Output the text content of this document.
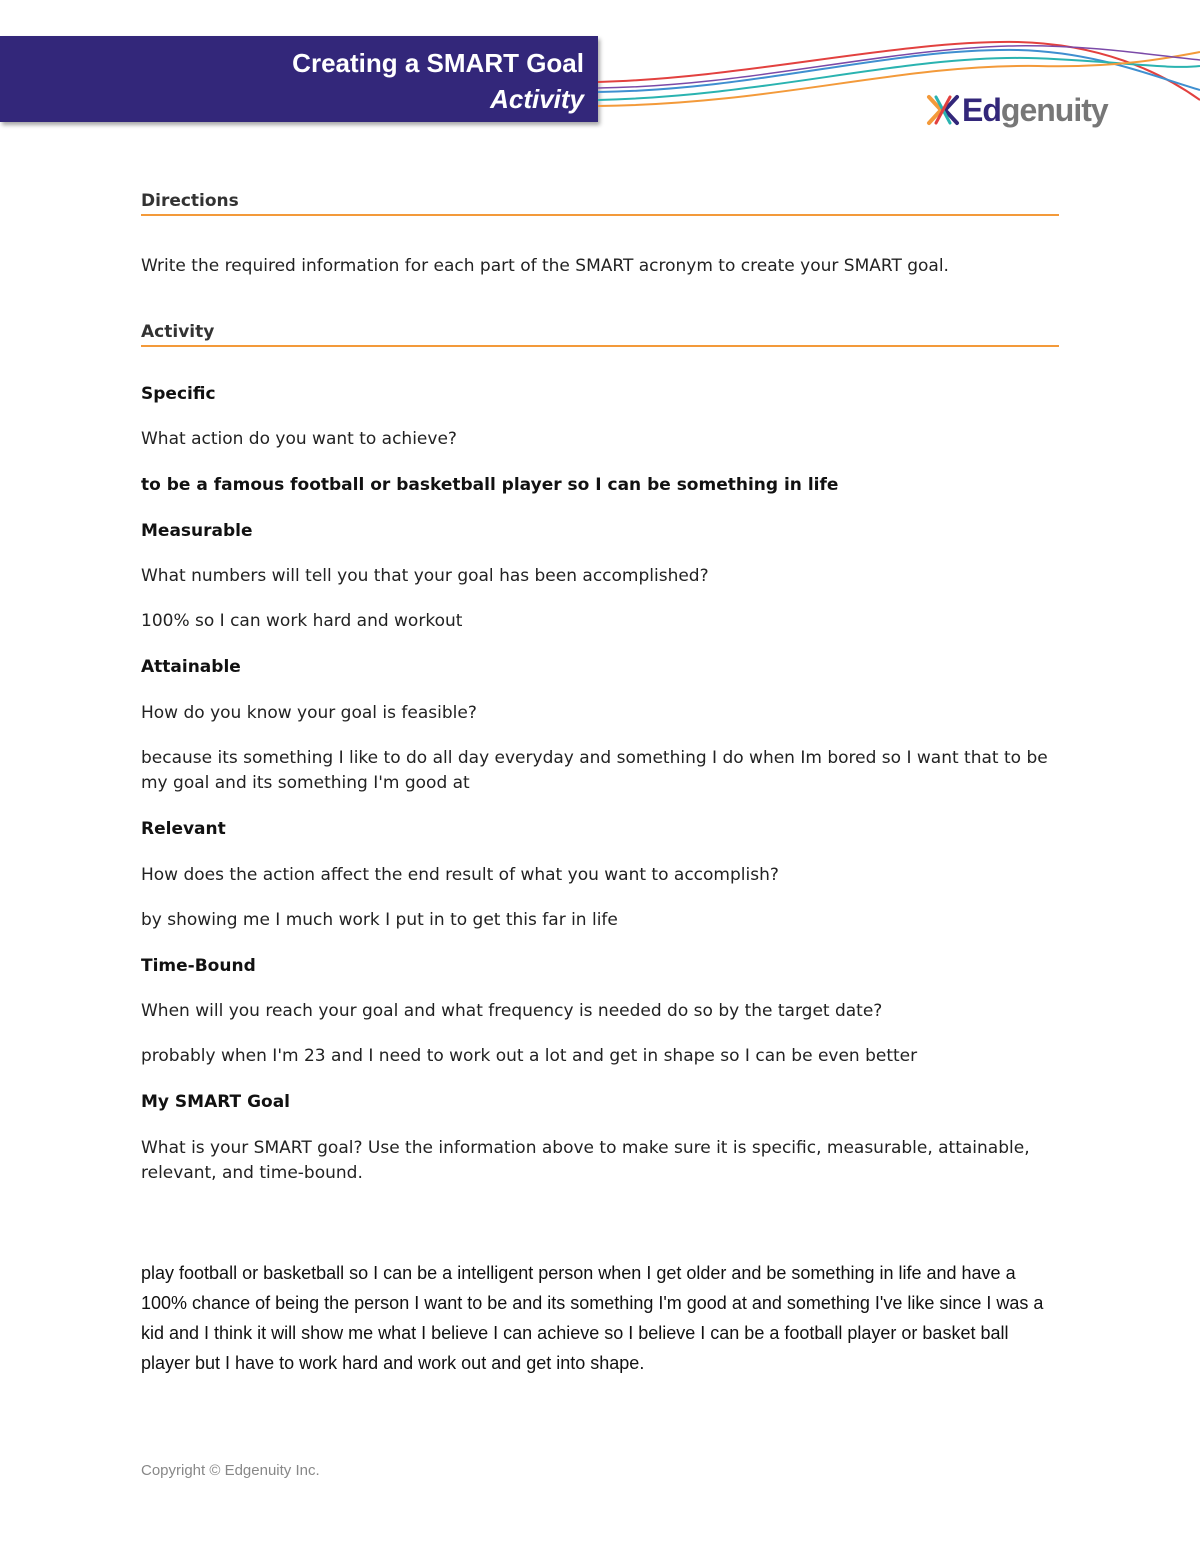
Creating a SMART Goal
Activity	Edgenuity
Directions

Write the required information for each part of the SMART acronym to create your SMART goal.

Activity

Specific

What action do you want to achieve?

to be a famous football or basketball player so I can be something in life

Measurable

What numbers will tell you that your goal has been accomplished?

100% so I can work hard and workout

Attainable

How do you know your goal is feasible?

because its something I like to do all day everyday and something I do when Im bored so I want that to be my goal and its something I'm good at

Relevant

How does the action affect the end result of what you want to accomplish?

by showing me I much work I put in to get this far in life

Time-Bound

When will you reach your goal and what frequency is needed do so by the target date?

probably when I'm 23 and I need to work out a lot and get in shape so I can be even better

My SMART Goal

What is your SMART goal? Use the information above to make sure it is specific, measurable, attainable, relevant, and time-bound.

play football or basketball so I can be a intelligent person when I get older and be something in life and have a 100% chance of being the person I want to be and its something I'm good at and something I've like since I was a kid and I think it will show me what I believe I can achieve so I believe I can be a football player or basket ball player but I have to work hard and work out and get into shape.

Copyright © Edgenuity Inc.
